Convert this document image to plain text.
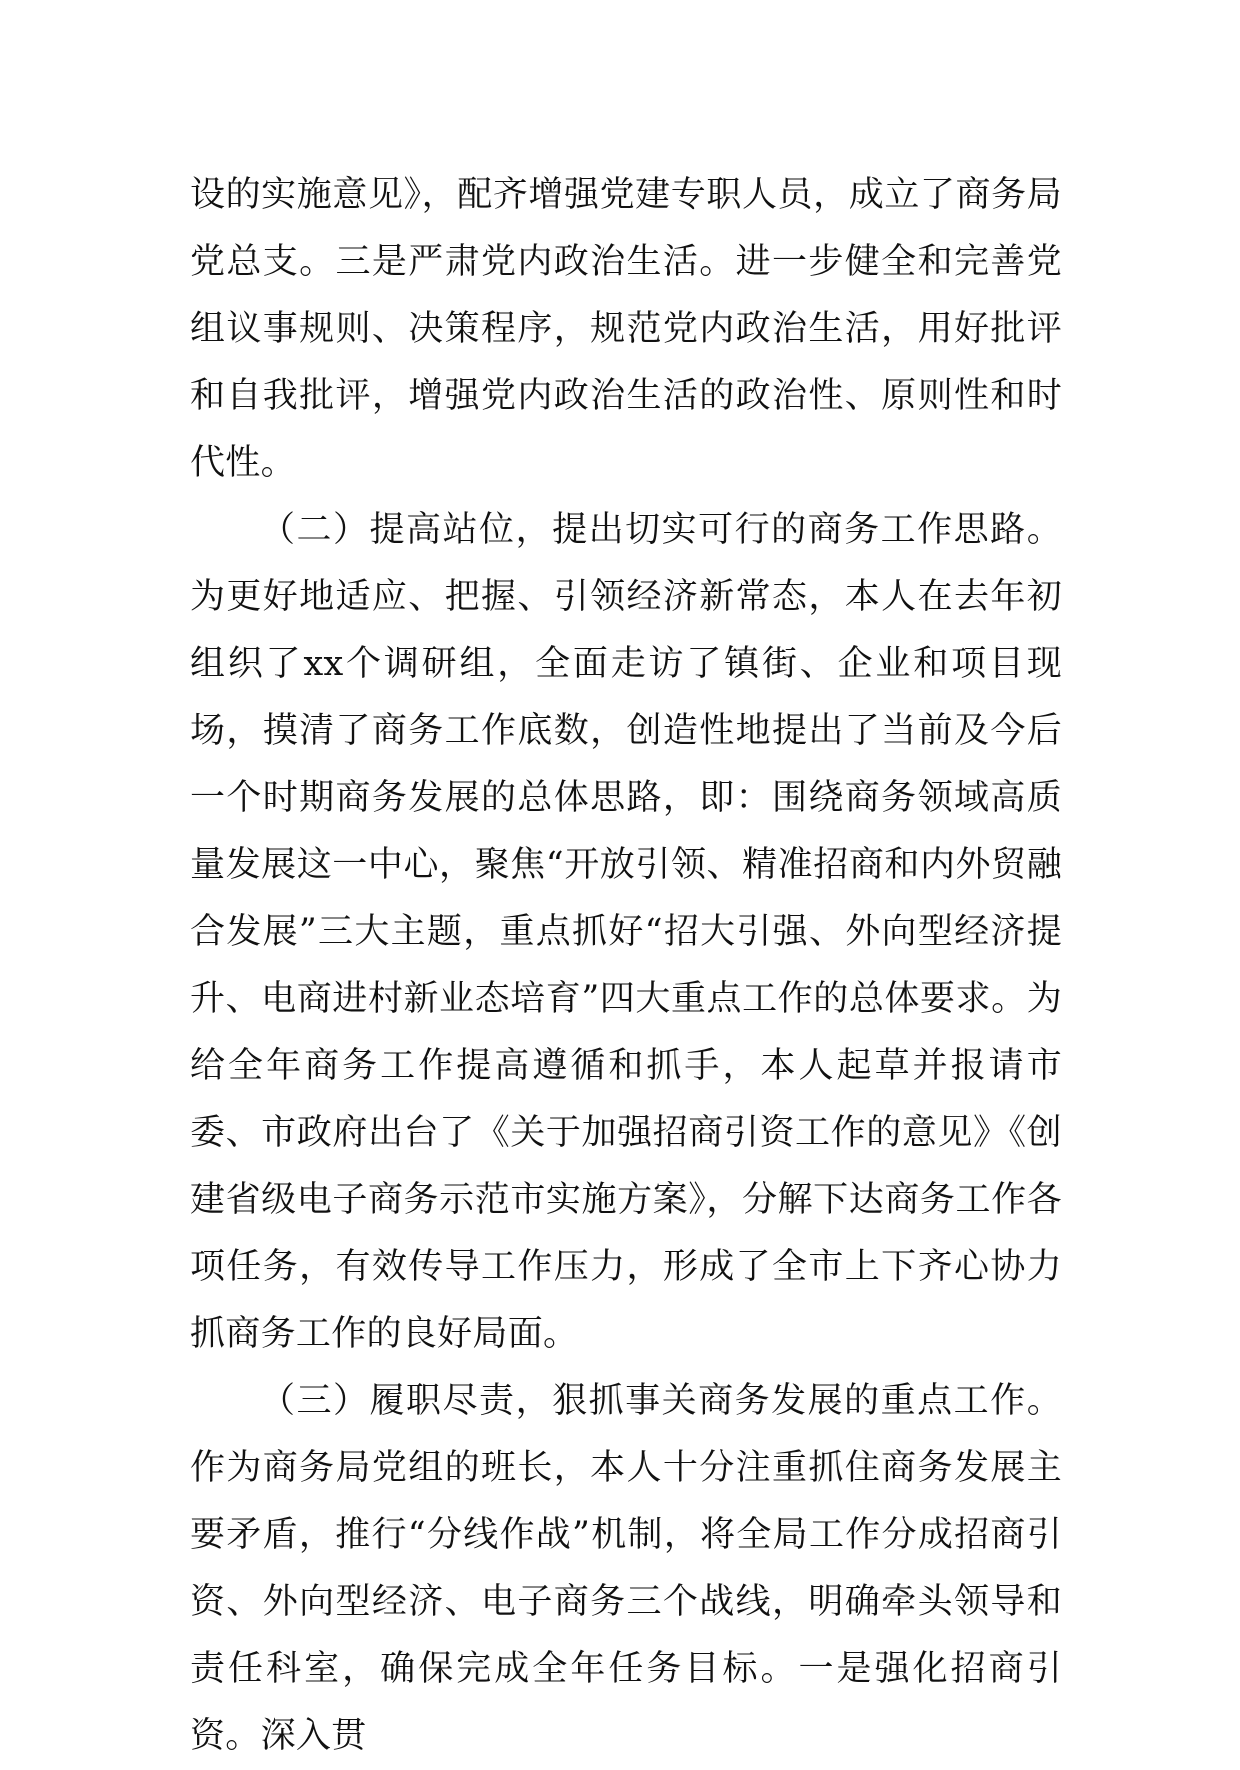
设的实施意见》，配齐增强党建专职人员，成立了商务局党总支。三是严肃党内政治生活。进一步健全和完善党组议事规则、决策程序，规范党内政治生活，用好批评和自我批评，增强党内政治生活的政治性、原则性和时代性。

（二）提高站位，提出切实可行的商务工作思路。为更好地适应、把握、引领经济新常态，本人在去年初组织了xx个调研组，全面走访了镇街、企业和项目现场，摸清了商务工作底数，创造性地提出了当前及今后一个时期商务发展的总体思路，即：围绕商务领域高质量发展这一中心，聚焦“开放引领、精准招商和内外贸融合发展”三大主题，重点抓好“招大引强、外向型经济提升、电商进村新业态培育”四大重点工作的总体要求。为给全年商务工作提高遵循和抓手，本人起草并报请市委、市政府出台了《关于加强招商引资工作的意见》《创建省级电子商务示范市实施方案》，分解下达商务工作各项任务，有效传导工作压力，形成了全市上下齐心协力抓商务工作的良好局面。

（三）履职尽责，狠抓事关商务发展的重点工作。作为商务局党组的班长，本人十分注重抓住商务发展主要矛盾，推行“分线作战”机制，将全局工作分成招商引资、外向型经济、电子商务三个战线，明确牵头领导和责任科室，确保完成全年任务目标。一是强化招商引资。深入贯
